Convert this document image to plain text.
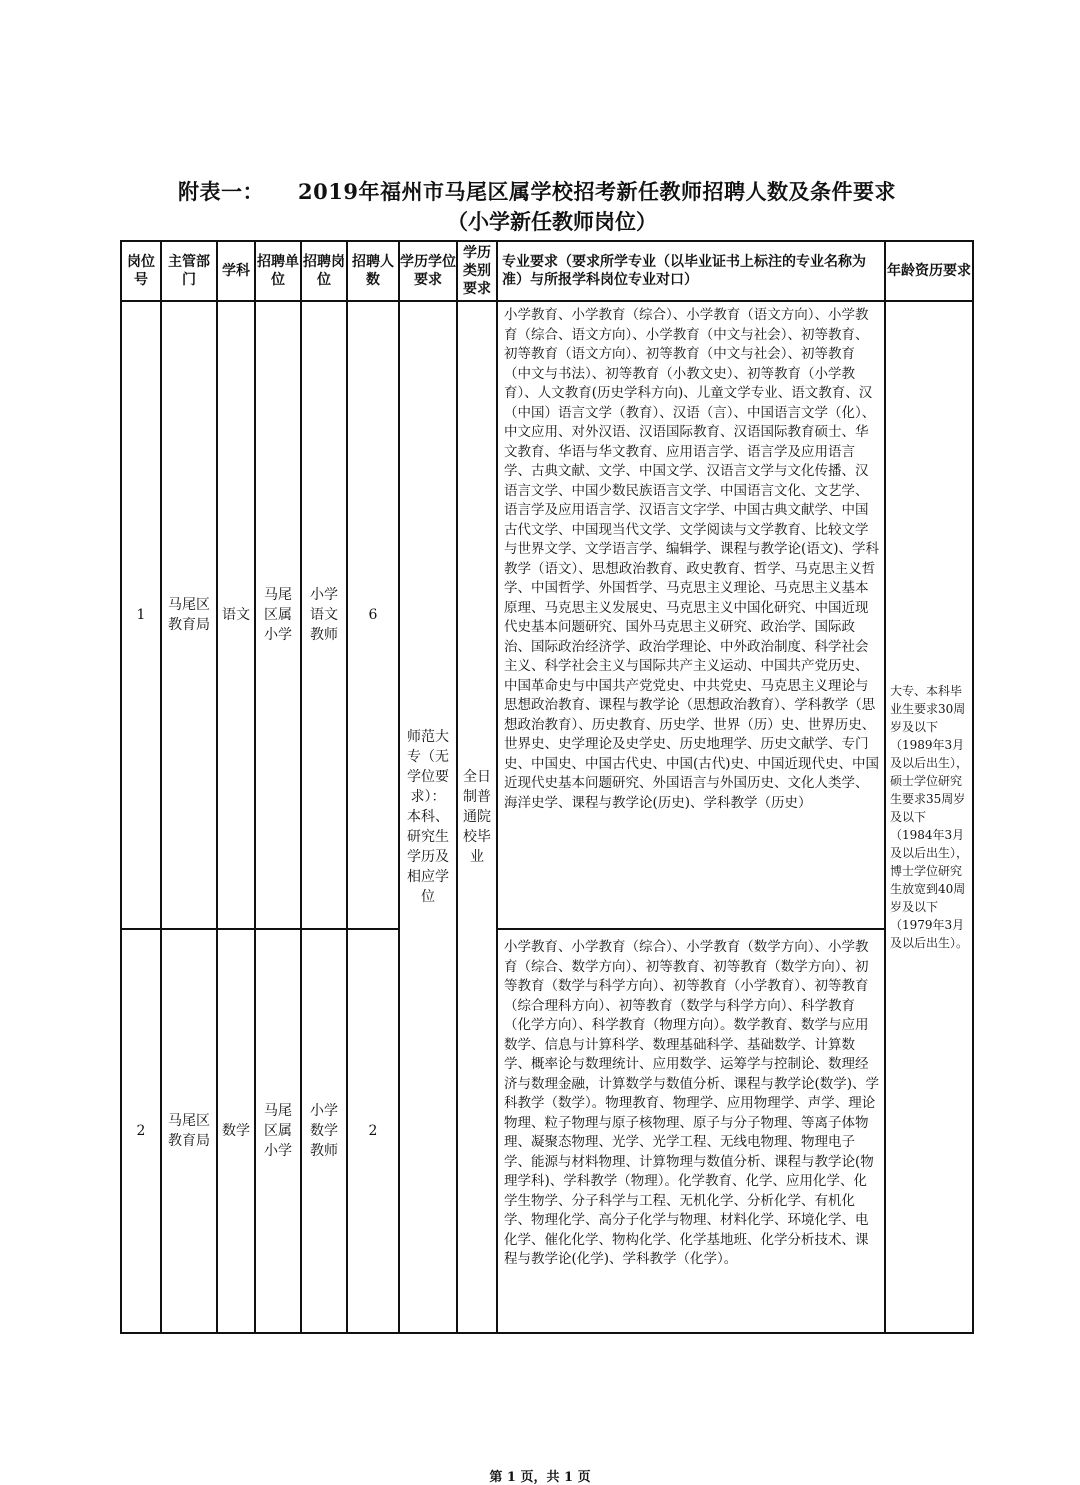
附表一： 2019年福州市马尾区属学校招考新任教师招聘人数及条件要求
（小学新任教师岗位）
岗位号	主管部门	学科	招聘单位	招聘岗位	招聘人数	学历学位要求	学历类别要求	专业要求（要求所学专业（以毕业证书上标注的专业名称为准）与所报学科岗位专业对口）	年龄资历要求
1	马尾区教育局	语文	马尾区属小学	小学语文教师	6	师范大专（无学位要求）：本科、研究生学历及相应学位	全日制普通院校毕业	小学教育、小学教育（综合）、小学教育（语文方向）、小学教育（综合、语文方向）、小学教育（中文与社会）、初等教育、初等教育（语文方向）、初等教育（中文与社会）、初等教育（中文与书法）、初等教育（小教文史）、初等教育（小学教育）、人文教育(历史学科方向)、儿童文学专业、语文教育、汉（中国）语言文学（教育）、汉语（言）、中国语言文学（化）、中文应用、对外汉语、汉语国际教育、汉语国际教育硕士、华文教育、华语与华文教育、应用语言学、语言学及应用语言学、古典文献、文学、中国文学、汉语言文学与文化传播、汉语言文学、中国少数民族语言文学、中国语言文化、文艺学、语言学及应用语言学、汉语言文字学、中国古典文献学、中国古代文学、中国现当代文学、文学阅读与文学教育、比较文学与世界文学、文学语言学、编辑学、课程与教学论(语文)、学科教学（语文）、思想政治教育、政史教育、哲学、马克思主义哲学、中国哲学、外国哲学、马克思主义理论、马克思主义基本原理、马克思主义发展史、马克思主义中国化研究、中国近现代史基本问题研究、国外马克思主义研究、政治学、国际政治、国际政治经济学、政治学理论、中外政治制度、科学社会主义、科学社会主义与国际共产主义运动、中国共产党历史、中国革命史与中国共产党党史、中共党史、马克思主义理论与思想政治教育、课程与教学论（思想政治教育）、学科教学（思想政治教育）、历史教育、历史学、世界（历）史、世界历史、世界史、史学理论及史学史、历史地理学、历史文献学、专门史、中国史、中国古代史、中国(古代)史、中国近现代史、中国近现代史基本问题研究、外国语言与外国历史、文化人类学、海洋史学、课程与教学论(历史)、学科教学（历史）	大专、本科毕业生要求30周岁及以下（1989年3月及以后出生），硕士学位研究生要求35周岁及以下（1984年3月及以后出生），博士学位研究生放宽到40周岁及以下（1979年3月及以后出生）。
2	马尾区教育局	数学	马尾区属小学	小学数学教师	2			小学教育、小学教育（综合）、小学教育（数学方向）、小学教育（综合、数学方向）、初等教育、初等教育（数学方向）、初等教育（数学与科学方向）、初等教育（小学教育）、初等教育（综合理科方向）、初等教育（数学与科学方向）、科学教育（化学方向）、科学教育（物理方向）。数学教育、数学与应用数学、信息与计算科学、数理基础科学、基础数学、计算数学、概率论与数理统计、应用数学、运筹学与控制论、数理经济与数理金融，计算数学与数值分析、课程与教学论(数学)、学科教学（数学）。物理教育、物理学、应用物理学、声学、理论物理、粒子物理与原子核物理、原子与分子物理、等离子体物理、凝聚态物理、光学、光学工程、无线电物理、物理电子学、能源与材料物理、计算物理与数值分析、课程与教学论(物理学科)、学科教学（物理）。化学教育、化学、应用化学、化学生物学、分子科学与工程、无机化学、分析化学、有机化学、物理化学、高分子化学与物理、材料化学、环境化学、电化学、催化化学、物构化学、化学基地班、化学分析技术、课程与教学论(化学)、学科教学（化学）。	
第 1 页，共 1 页
